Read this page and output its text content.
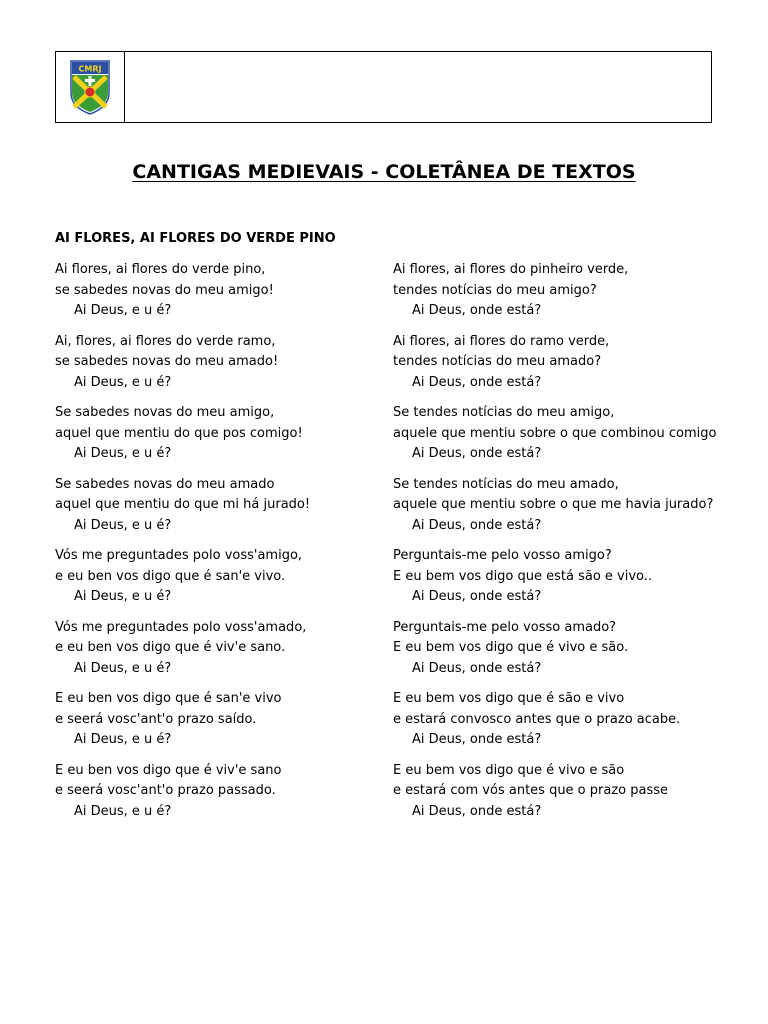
CMRJ
CANTIGAS MEDIEVAIS - COLETÂNEA DE TEXTOS
AI FLORES, AI FLORES DO VERDE PINO
Ai flores, ai flores do verde pino,
se sabedes novas do meu amigo!
Ai Deus, e u é?
Ai, flores, ai flores do verde ramo,
se sabedes novas do meu amado!
Ai Deus, e u é?
Se sabedes novas do meu amigo,
aquel que mentiu do que pos comigo!
Ai Deus, e u é?
Se sabedes novas do meu amado
aquel que mentiu do que mi há jurado!
Ai Deus, e u é?
Vós me preguntades polo voss'amigo,
e eu ben vos digo que é san'e vivo.
Ai Deus, e u é?
Vós me preguntades polo voss'amado,
e eu ben vos digo que é viv'e sano.
Ai Deus, e u é?
E eu ben vos digo que é san'e vivo
e seerá vosc'ant'o prazo saído.
Ai Deus, e u é?
E eu ben vos digo que é viv'e sano
e seerá vosc'ant'o prazo passado.
Ai Deus, e u é?
Ai flores, ai flores do pinheiro verde,
tendes notícias do meu amigo?
Ai Deus, onde está?
Ai flores, ai flores do ramo verde,
tendes notícias do meu amado?
Ai Deus, onde está?
Se tendes notícias do meu amigo,
aquele que mentiu sobre o que combinou comigo
Ai Deus, onde está?
Se tendes notícias do meu amado,
aquele que mentiu sobre o que me havia jurado?
Ai Deus, onde está?
Perguntais-me pelo vosso amigo?
E eu bem vos digo que está são e vivo..
Ai Deus, onde está?
Perguntais-me pelo vosso amado?
E eu bem vos digo que é vivo e são.
Ai Deus, onde está?
E eu bem vos digo que é são e vivo
e estará convosco antes que o prazo acabe.
Ai Deus, onde está?
E eu bem vos digo que é vivo e são
e estará com vós antes que o prazo passe
Ai Deus, onde está?
